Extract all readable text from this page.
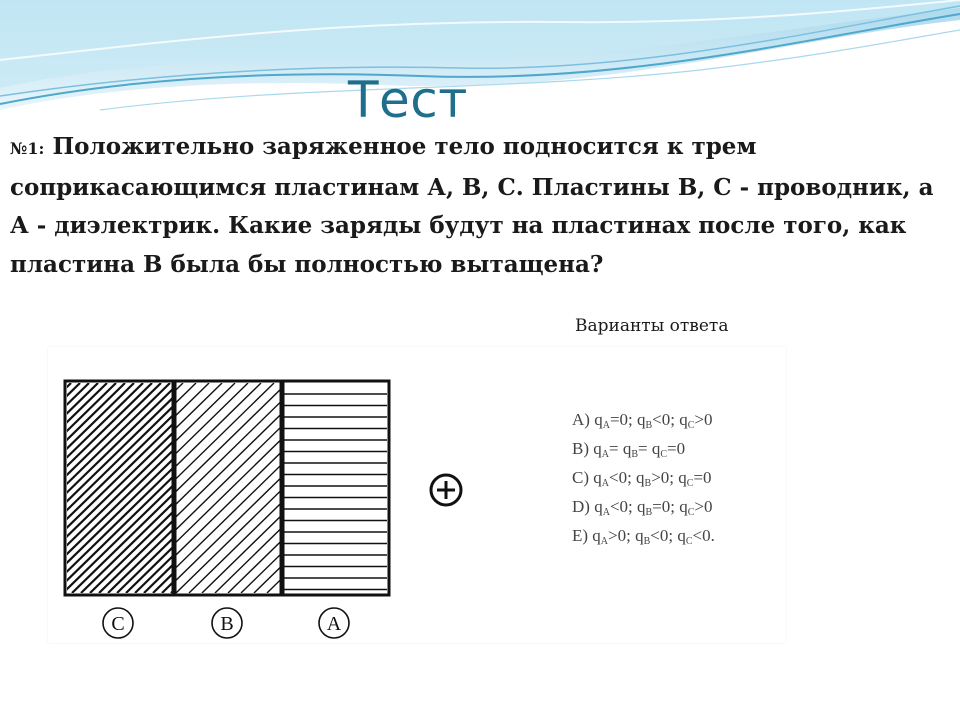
Тест
№1: Положительно заряженное тело подносится к трем соприкасающимся пластинам А, В, С. Пластины В, С - проводник, а А - диэлектрик. Какие заряды будут на пластинах после того, как пластина В была бы полностью вытащена?
Варианты ответа
C	B	A
A) $q_A=0$; $q_B<0$; $q_C>0$
B) $q_A= q_B= q_C=0$
C) $q_A<0$; $q_B>0$; $q_C=0$
D) $q_A<0$; $q_B=0$; $q_C>0$
E) $q_A>0$; $q_B<0$; $q_C<0$.
